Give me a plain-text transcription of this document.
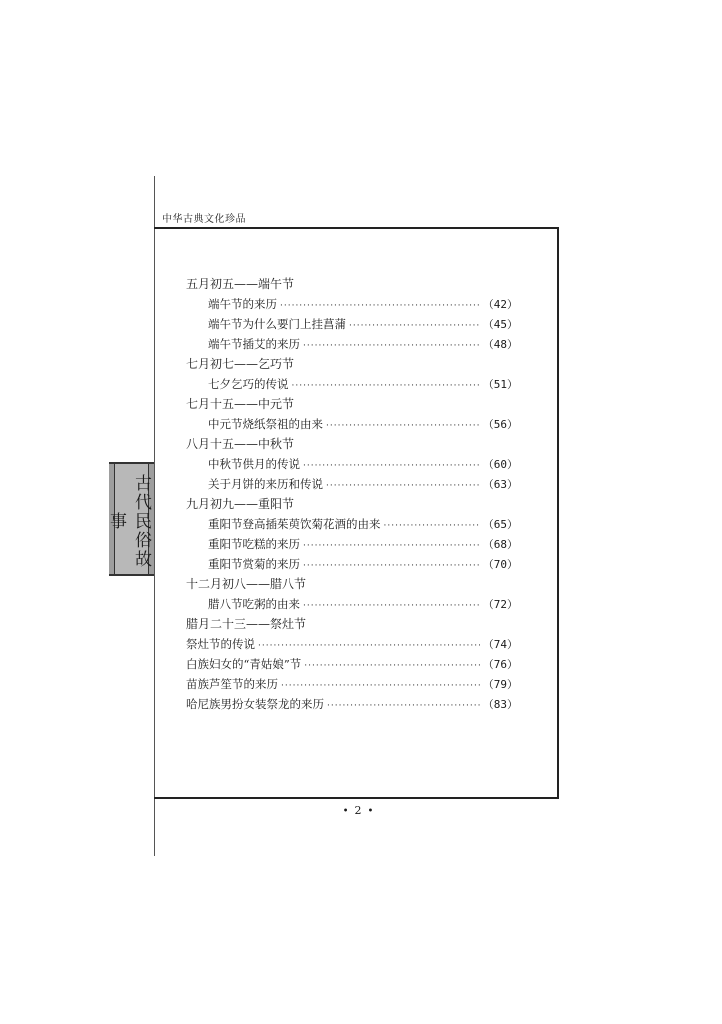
中华古典文化珍品
古代民俗故事
五月初五——端午节
端午节的来历 ·····	（42）
端午节为什么要门上挂菖蒲 ·····	（45）
端午节插艾的来历 ·····	（48）
七月初七——乞巧节
七夕乞巧的传说 ·····	（51）
七月十五——中元节
中元节烧纸祭祖的由来 ·····	（56）
八月十五——中秋节
中秋节供月的传说 ·····	（60）
关于月饼的来历和传说 ·····	（63）
九月初九——重阳节
重阳节登高插茱萸饮菊花酒的由来 ·····	（65）
重阳节吃糕的来历 ·····	（68）
重阳节赏菊的来历 ·····	（70）
十二月初八——腊八节
腊八节吃粥的由来 ·····	（72）
腊月二十三——祭灶节
祭灶节的传说 ·····	（74）
白族妇女的“青姑娘”节 ·····	（76）
苗族芦笙节的来历 ·····	（79）
哈尼族男扮女装祭龙的来历 ·····	（83）
•2•
